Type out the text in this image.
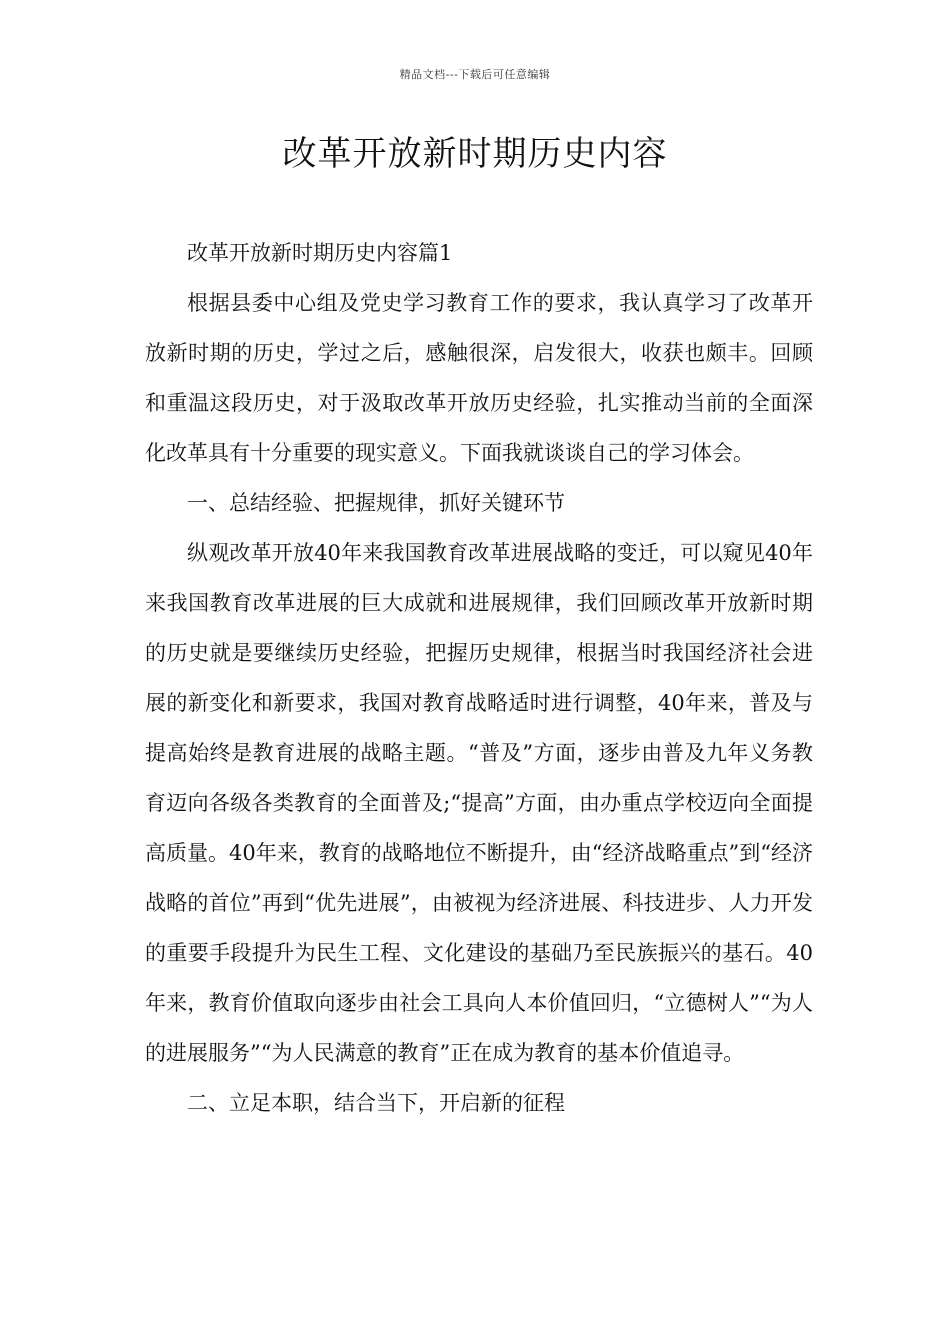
精品文档---下载后可任意编辑
改革开放新时期历史内容

改革开放新时期历史内容篇1

根据县委中心组及党史学习教育工作的要求，我认真学习了改革开放新时期的历史，学过之后，感触很深，启发很大，收获也颇丰。回顾和重温这段历史，对于汲取改革开放历史经验，扎实推动当前的全面深化改革具有十分重要的现实意义。下面我就谈谈自己的学习体会。

一、总结经验、把握规律，抓好关键环节

纵观改革开放40年来我国教育改革进展战略的变迁，可以窥见40年来我国教育改革进展的巨大成就和进展规律，我们回顾改革开放新时期的历史就是要继续历史经验，把握历史规律，根据当时我国经济社会进展的新变化和新要求，我国对教育战略适时进行调整，40年来，普及与提高始终是教育进展的战略主题。“普及”方面，逐步由普及九年义务教育迈向各级各类教育的全面普及;“提高”方面，由办重点学校迈向全面提高质量。40年来，教育的战略地位不断提升，由“经济战略重点”到“经济战略的首位”再到“优先进展”，由被视为经济进展、科技进步、人力开发的重要手段提升为民生工程、文化建设的基础乃至民族振兴的基石。40年来，教育价值取向逐步由社会工具向人本价值回归，“立德树人”“为人的进展服务”“为人民满意的教育”正在成为教育的基本价值追寻。

二、立足本职，结合当下，开启新的征程
